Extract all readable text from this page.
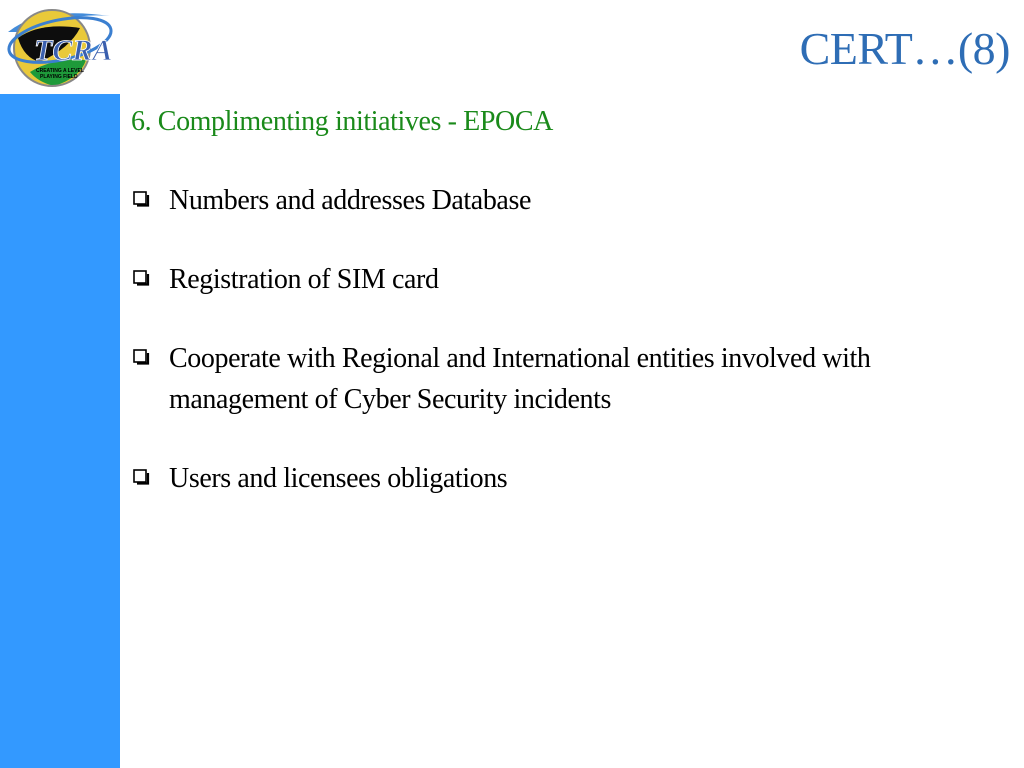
TCRA
CREATING A LEVEL
PLAYING FIELD
CERT…(8)

6. Complimenting initiatives - EPOCA

Numbers and addresses Database
Registration of SIM card
Cooperate with Regional and International entities involved with management of Cyber Security incidents
Users and licensees obligations
